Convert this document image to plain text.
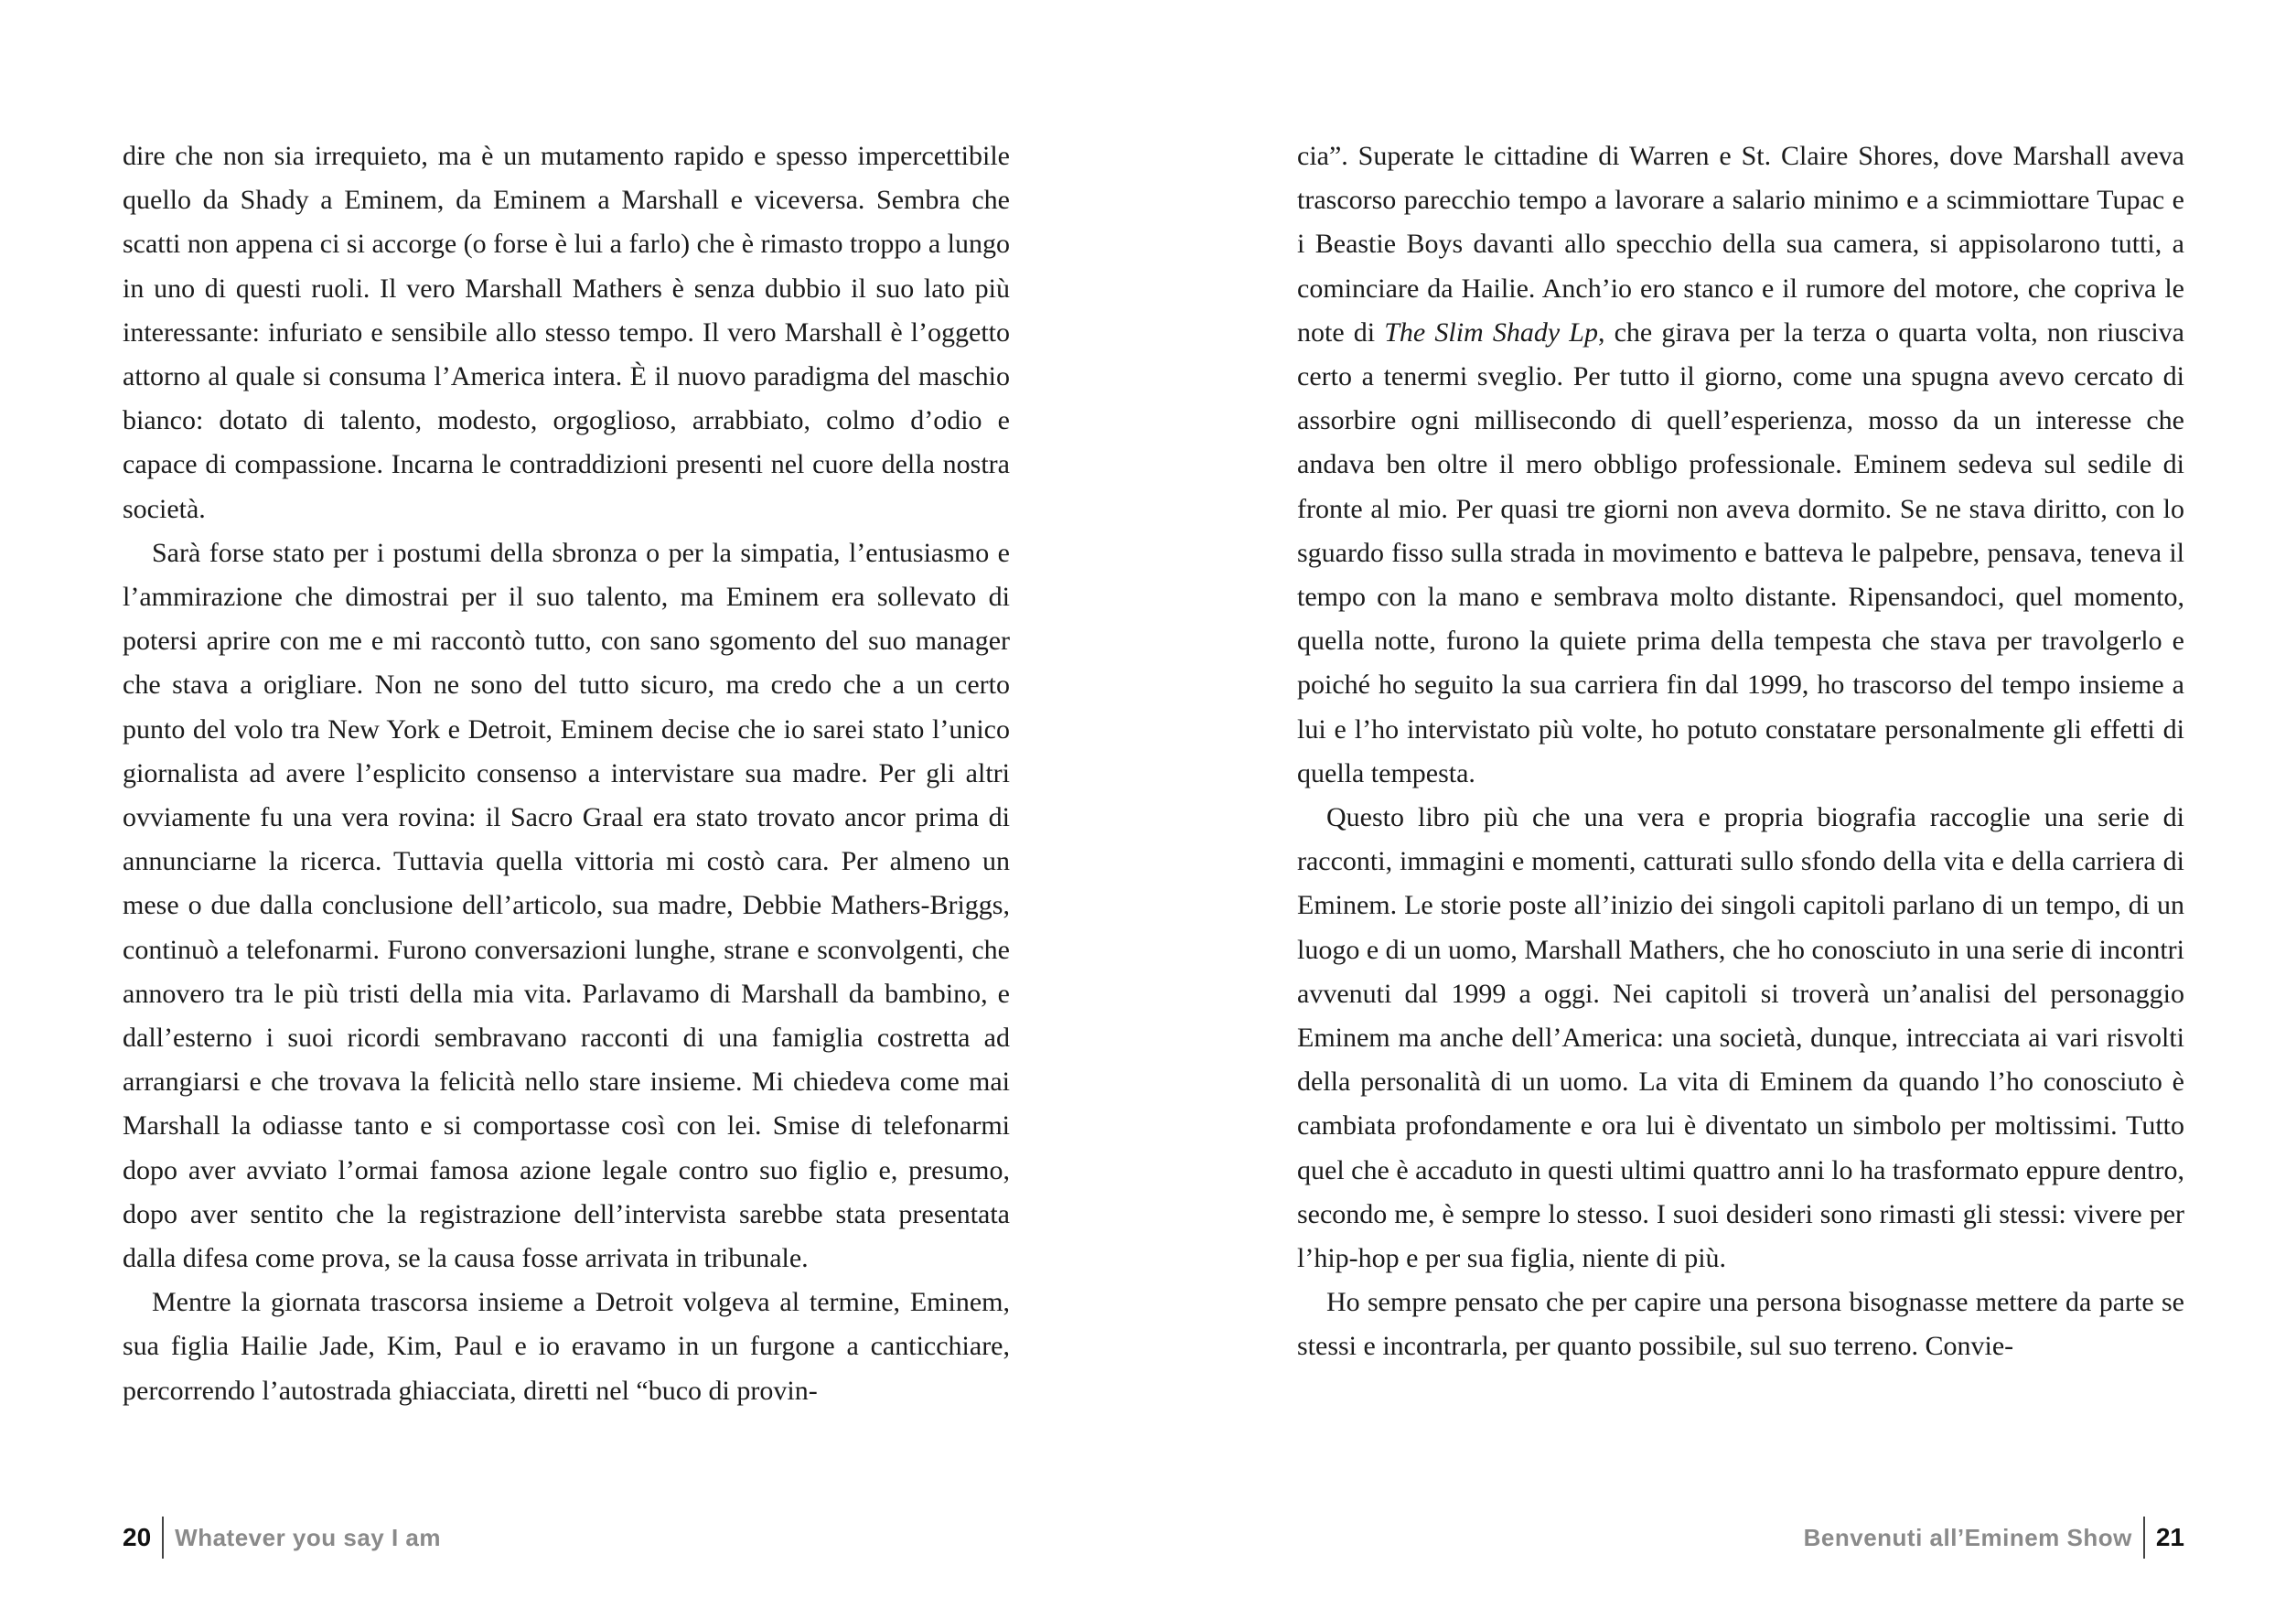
dire che non sia irrequieto, ma è un mutamento rapido e spesso impercettibile quello da Shady a Eminem, da Eminem a Marshall e viceversa. Sembra che scatti non appena ci si accorge (o forse è lui a farlo) che è rimasto troppo a lungo in uno di questi ruoli. Il vero Marshall Mathers è senza dubbio il suo lato più interessante: infuriato e sensibile allo stesso tempo. Il vero Marshall è l’oggetto attorno al quale si consuma l’America intera. È il nuovo paradigma del maschio bianco: dotato di talento, modesto, orgoglioso, arrabbiato, colmo d’odio e capace di compassione. Incarna le contraddizioni presenti nel cuore della nostra società.

Sarà forse stato per i postumi della sbronza o per la simpatia, l’entusiasmo e l’ammirazione che dimostrai per il suo talento, ma Eminem era sollevato di potersi aprire con me e mi raccontò tutto, con sano sgomento del suo manager che stava a origliare. Non ne sono del tutto sicuro, ma credo che a un certo punto del volo tra New York e Detroit, Eminem decise che io sarei stato l’unico giornalista ad avere l’esplicito consenso a intervistare sua madre. Per gli altri ovviamente fu una vera rovina: il Sacro Graal era stato trovato ancor prima di annunciarne la ricerca. Tuttavia quella vittoria mi costò cara. Per almeno un mese o due dalla conclusione dell’articolo, sua madre, Debbie Mathers-Briggs, continuò a telefonarmi. Furono conversazioni lunghe, strane e sconvolgenti, che annovero tra le più tristi della mia vita. Parlavamo di Marshall da bambino, e dall’esterno i suoi ricordi sembravano racconti di una famiglia costretta ad arrangiarsi e che trovava la felicità nello stare insieme. Mi chiedeva come mai Marshall la odiasse tanto e si comportasse così con lei. Smise di telefonarmi dopo aver avviato l’ormai famosa azione legale contro suo figlio e, presumo, dopo aver sentito che la registrazione dell’intervista sarebbe stata presentata dalla difesa come prova, se la causa fosse arrivata in tribunale.

Mentre la giornata trascorsa insieme a Detroit volgeva al termine, Eminem, sua figlia Hailie Jade, Kim, Paul e io eravamo in un furgone a canticchiare, percorrendo l’autostrada ghiacciata, diretti nel “buco di provin-

20 Whatever you say I am

cia”. Superate le cittadine di Warren e St. Claire Shores, dove Marshall aveva trascorso parecchio tempo a lavorare a salario minimo e a scimmiottare Tupac e i Beastie Boys davanti allo specchio della sua camera, si appisolarono tutti, a cominciare da Hailie. Anch’io ero stanco e il rumore del motore, che copriva le note di The Slim Shady Lp, che girava per la terza o quarta volta, non riusciva certo a tenermi sveglio. Per tutto il giorno, come una spugna avevo cercato di assorbire ogni millisecondo di quell’esperienza, mosso da un interesse che andava ben oltre il mero obbligo professionale. Eminem sedeva sul sedile di fronte al mio. Per quasi tre giorni non aveva dormito. Se ne stava diritto, con lo sguardo fisso sulla strada in movimento e batteva le palpebre, pensava, teneva il tempo con la mano e sembrava molto distante. Ripensandoci, quel momento, quella notte, furono la quiete prima della tempesta che stava per travolgerlo e poiché ho seguito la sua carriera fin dal 1999, ho trascorso del tempo insieme a lui e l’ho intervistato più volte, ho potuto constatare personalmente gli effetti di quella tempesta.

Questo libro più che una vera e propria biografia raccoglie una serie di racconti, immagini e momenti, catturati sullo sfondo della vita e della carriera di Eminem. Le storie poste all’inizio dei singoli capitoli parlano di un tempo, di un luogo e di un uomo, Marshall Mathers, che ho conosciuto in una serie di incontri avvenuti dal 1999 a oggi. Nei capitoli si troverà un’analisi del personaggio Eminem ma anche dell’America: una società, dunque, intrecciata ai vari risvolti della personalità di un uomo. La vita di Eminem da quando l’ho conosciuto è cambiata profondamente e ora lui è diventato un simbolo per moltissimi. Tutto quel che è accaduto in questi ultimi quattro anni lo ha trasformato eppure dentro, secondo me, è sempre lo stesso. I suoi desideri sono rimasti gli stessi: vivere per l’hip-hop e per sua figlia, niente di più.

Ho sempre pensato che per capire una persona bisognasse mettere da parte se stessi e incontrarla, per quanto possibile, sul suo terreno. Convie-

Benvenuti all’Eminem Show 21
